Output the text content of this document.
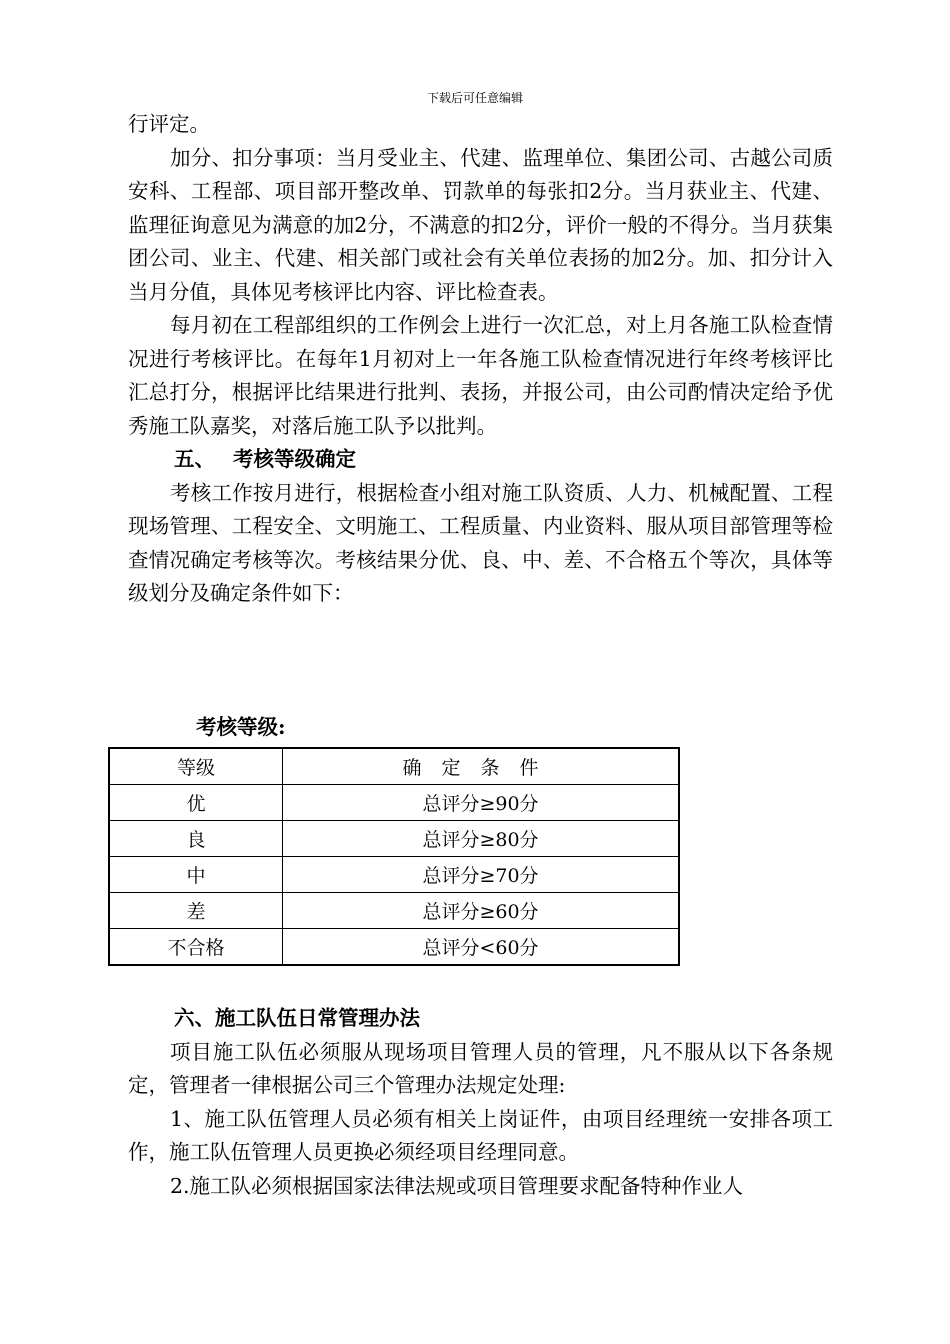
下载后可任意编辑

行评定。

加分、扣分事项：当月受业主、代建、监理单位、集团公司、古越公司质安科、工程部、项目部开整改单、罚款单的每张扣2分。当月获业主、代建、监理征询意见为满意的加2分，不满意的扣2分，评价一般的不得分。当月获集团公司、业主、代建、相关部门或社会有关单位表扬的加2分。加、扣分计入当月分值，具体见考核评比内容、评比检查表。

每月初在工程部组织的工作例会上进行一次汇总，对上月各施工队检查情况进行考核评比。在每年1月初对上一年各施工队检查情况进行年终考核评比汇总打分，根据评比结果进行批判、表扬，并报公司，由公司酌情决定给予优秀施工队嘉奖，对落后施工队予以批判。

五、 考核等级确定

考核工作按月进行，根据检查小组对施工队资质、人力、机械配置、工程现场管理、工程安全、文明施工、工程质量、内业资料、服从项目部管理等检查情况确定考核等次。考核结果分优、良、中、差、不合格五个等次，具体等级划分及确定条件如下：

考核等级:
等级	确定条件
优	总评分≥90分
良	总评分≥80分
中	总评分≥70分
差	总评分≥60分
不合格	总评分<60分

六、施工队伍日常管理办法

项目施工队伍必须服从现场项目管理人员的管理，凡不服从以下各条规定，管理者一律根据公司三个管理办法规定处理:

1、施工队伍管理人员必须有相关上岗证件，由项目经理统一安排各项工作，施工队伍管理人员更换必须经项目经理同意。

2.施工队必须根据国家法律法规或项目管理要求配备特种作业人
